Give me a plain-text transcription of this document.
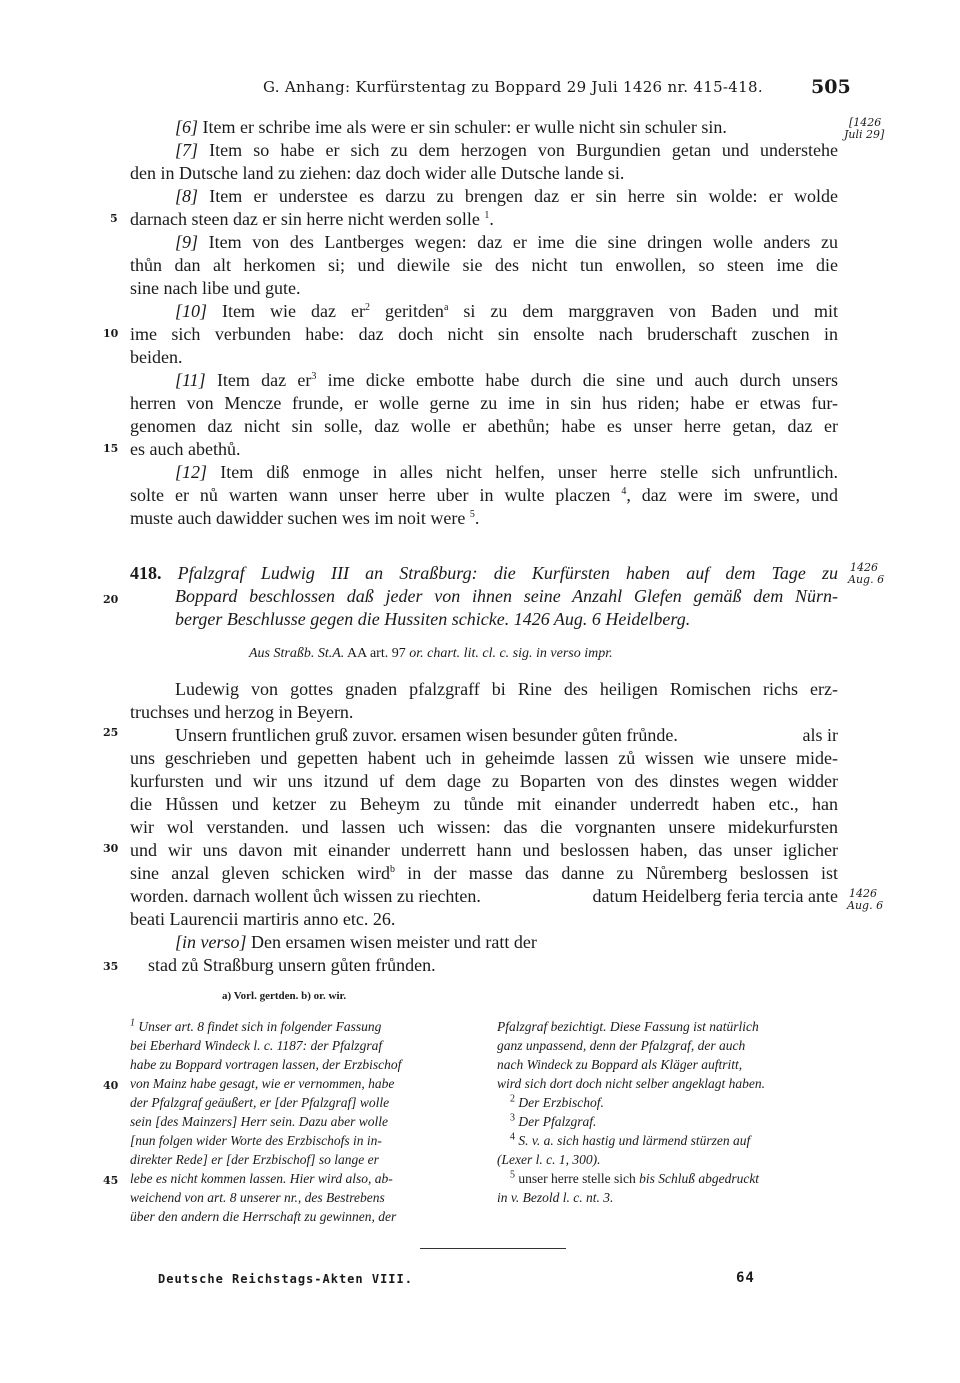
G. Anhang: Kurfürstentag zu Boppard 29 Juli 1426 nr. 415-418.	505
[1426
Juli 29]
1426
Aug. 6
1426
Aug. 6
5
10
15
20
25
30
35
40
45
[6] Item er schribe ime als were er sin schuler: er wulle nicht sin schuler sin.
[7] Item so habe er sich zu dem herzogen von Burgundien getan und understehe
den in Dutsche land zu ziehen: daz doch wider alle Dutsche lande si.
[8] Item er understee es darzu zu brengen daz er sin herre sin wolde: er wolde
darnach steen daz er sin herre nicht werden solle $^1$.
[9] Item von des Lantberges wegen: daz er ime die sine dringen wolle anders zu
thůn dan alt herkomen si; und diewile sie des nicht tun enwollen, so steen ime die
sine nach libe und gute.
[10] Item wie daz $er^2$ geritden$^a$ si zu dem marggraven von Baden und mit
ime sich verbunden habe: daz doch nicht sin ensolte nach bruderschaft zuschen in
beiden.
[11] Item daz $er^3$ ime dicke embotte habe durch die sine und auch durch unsers
herren von Mencze frunde, er wolle gerne zu ime in sin hus riden; habe er etwas fur-
genomen daz nicht sin solle, daz wolle er abethůn; habe es unser herre getan, daz er
es auch abethů.
[12] Item diß enmoge in alles nicht helfen, unser herre stelle sich unfruntlich.
solte er nů warten wann unser herre uber in wulte placzen $^4$, daz were im swere, und
muste auch dawidder suchen wes im noit were $^5$.
418. Pfalzgraf Ludwig III an Straßburg: die Kurfürsten haben auf dem Tage zu
Boppard beschlossen daß jeder von ihnen seine Anzahl Glefen gemäß dem Nürn-
berger Beschlusse gegen die Hussiten schicke. 1426 Aug. 6 Heidelberg.
Aus Straßb. St.A. AA art. 97 or. chart. lit. cl. c. sig. in verso impr.
Ludewig von gottes gnaden pfalzgraff bi Rine des heiligen Romischen richs erz-
truchses und herzog in Beyern.
Unsern fruntlichen gruß zuvor. ersamen wisen besunder gůten frůnde.	als ir
uns geschrieben und gepetten habent uch in geheimde lassen zů wissen wie unsere mide-
kurfursten und wir uns itzund uf dem dage zu Boparten von des dinstes wegen widder
die Hůssen und ketzer zu Beheym zu tůnde mit einander underredt haben etc., han
wir wol verstanden. und lassen uch wissen: das die vorgnanten unsere midekurfursten
und wir uns davon mit einander underrett hann und beslossen haben, das unser iglicher
sine anzal gleven schicken wird$^b$ in der masse das danne zu Nůremberg beslossen ist
worden. darnach wollent ůch wissen zu riechten.	datum Heidelberg feria tercia ante
beati Laurencii martiris anno etc. 26.
[in verso] Den ersamen wisen meister und ratt der
stad zů Straßburg unsern gůten frůnden.
a) Vorl. gertden. b) or. wir.
$^1$ Unser art. 8 findet sich in folgender Fassung
bei Eberhard Windeck l. c. 1187: der Pfalzgraf
habe zu Boppard vortragen lassen, der Erzbischof
von Mainz habe gesagt, wie er vernommen, habe
der Pfalzgraf geäußert, er [der Pfalzgraf] wolle
sein [des Mainzers] Herr sein. Dazu aber wolle
[nun folgen wider Worte des Erzbischofs in in-
direkter Rede] er [der Erzbischof] so lange er
lebe es nicht kommen lassen. Hier wird also, ab-
weichend von art. 8 unserer nr., des Bestrebens
über den andern die Herrschaft zu gewinnen, der
Pfalzgraf bezichtigt. Diese Fassung ist natürlich
ganz unpassend, denn der Pfalzgraf, der auch
nach Windeck zu Boppard als Kläger auftritt,
wird sich dort doch nicht selber angeklagt haben.
$^2$ Der Erzbischof.
$^3$ Der Pfalzgraf.
$^4$ S. v. a. sich hastig und lärmend stürzen auf
(Lexer l. c. 1, 300).
$^5$ unser herre stelle sich bis Schluß abgedruckt
in v. Bezold l. c. nt. 3.
Deutsche Reichstags-Akten VIII.	64
